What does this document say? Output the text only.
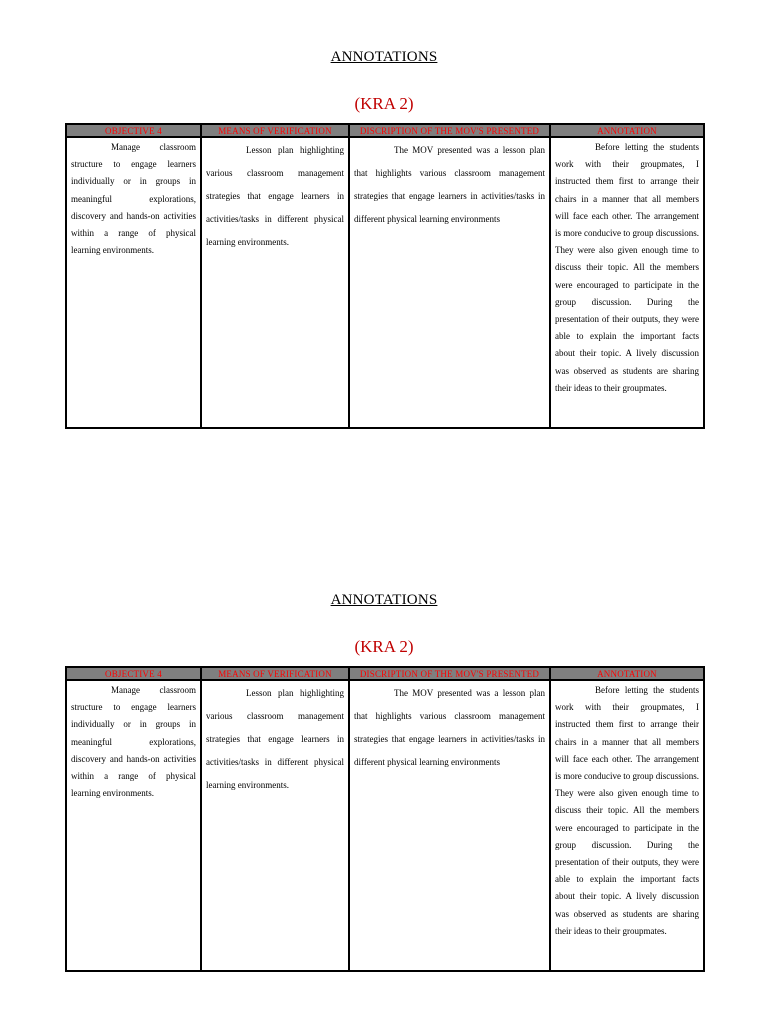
ANNOTATIONS
(KRA 2)
OBJECTIVE 4	MEANS OF VERIFICATION	DISCRIPTION OF THE MOV'S PRESENTED	ANNOTATION
Manage classroom structure to engage learners individually or in groups in meaningful explorations, discovery and hands-on activities within a range of physical learning environments.	Lesson plan highlighting various classroom management strategies that engage learners in activities/tasks in different physical learning environments.	The MOV presented was a lesson plan that highlights various classroom management strategies that engage learners in activities/tasks in different physical learning environments	Before letting the students work with their groupmates, I instructed them first to arrange their chairs in a manner that all members will face each other. The arrangement is more conducive to group discussions. They were also given enough time to discuss their topic. All the members were encouraged to participate in the group discussion. During the presentation of their outputs, they were able to explain the important facts about their topic. A lively discussion was observed as students are sharing their ideas to their groupmates.
ANNOTATIONS
(KRA 2)
OBJECTIVE 4	MEANS OF VERIFICATION	DISCRIPTION OF THE MOV'S PRESENTED	ANNOTATION
Manage classroom structure to engage learners individually or in groups in meaningful explorations, discovery and hands-on activities within a range of physical learning environments.	Lesson plan highlighting various classroom management strategies that engage learners in activities/tasks in different physical learning environments.	The MOV presented was a lesson plan that highlights various classroom management strategies that engage learners in activities/tasks in different physical learning environments	Before letting the students work with their groupmates, I instructed them first to arrange their chairs in a manner that all members will face each other. The arrangement is more conducive to group discussions. They were also given enough time to discuss their topic. All the members were encouraged to participate in the group discussion. During the presentation of their outputs, they were able to explain the important facts about their topic. A lively discussion was observed as students are sharing their ideas to their groupmates.
